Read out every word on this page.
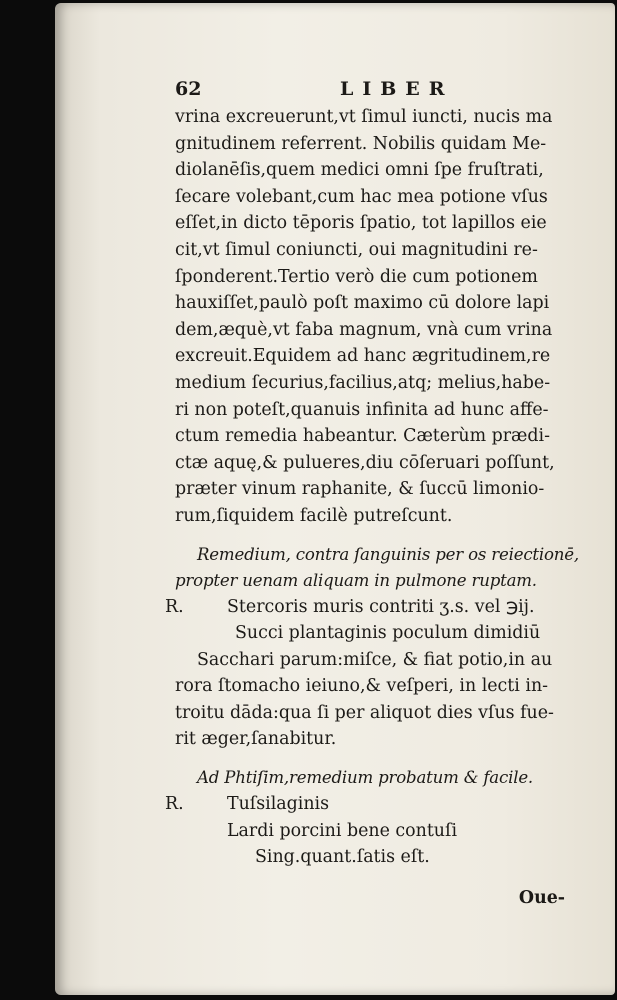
62	LIBER
vrina excreuerunt,vt ſimul iuncti, nucis ma
gnitudinem referrent. Nobilis quidam Me-
diolanēſis,quem medici omni ſpe fruſtrati,
ſecare volebant,cum hac mea potione vſus
eſſet,in dicto tēporis ſpatio, tot lapillos eie
cit,vt ſimul coniuncti, oui magnitudini re-
ſponderent.Tertio verò die cum potionem
hauxiſſet,paulò poſt maximo cū dolore lapi
dem,æquè,vt faba magnum, vnà cum vrina
excreuit.Equidem ad hanc ægritudinem,re
medium ſecurius,facilius,atq; melius,habe-
ri non poteſt,quanuis infinita ad hunc affe-
ctum remedia habeantur. Cæterùm prædi-
ctæ aquę,& pulueres,diu cōſeruari poſſunt,
præter vinum raphanite, & ſuccū limonio-
rum,ſiquidem facilè putreſcunt.
Remedium, contra ſanguinis per os reiectionē,
propter uenam aliquam in pulmone ruptam.
R. Stercoris muris contriti ʒ.s. vel ℈ij.
Succi plantaginis poculum dimidiū
Sacchari parum:miſce, & fiat potio,in au
rora ſtomacho ieiuno,& veſperi, in lecti in-
troitu dāda:qua ſi per aliquot dies vſus fue-
rit æger,ſanabitur.
Ad Phtiſim,remedium probatum & facile.
R. Tuſsilaginis
Lardi porcini bene contuſi
Sing.quant.ſatis eſt.
Oue-
